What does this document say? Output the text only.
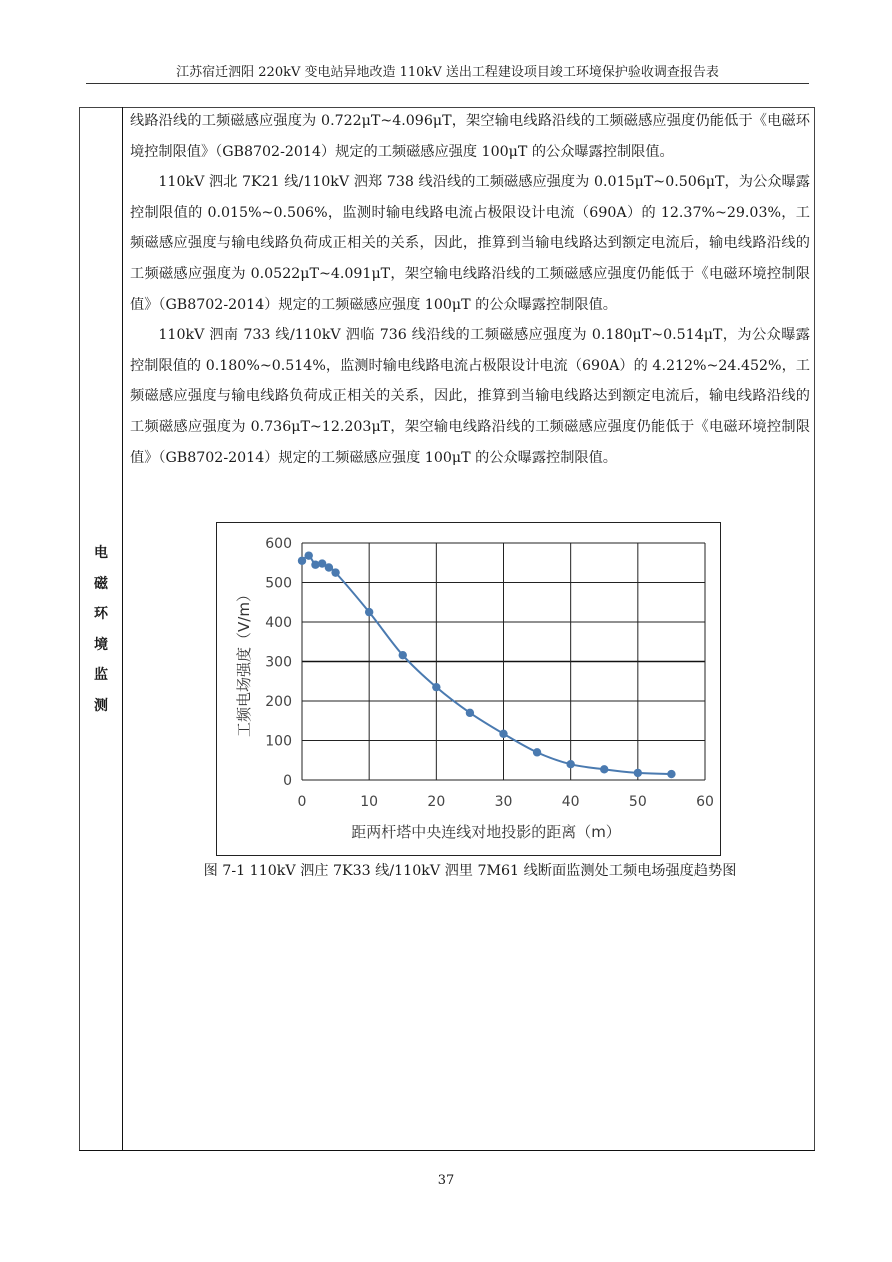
江苏宿迁泗阳 220kV 变电站异地改造 110kV 送出工程建设项目竣工环境保护验收调查报告表
电
磁
环
境
监
测

线路沿线的工频磁感应强度为 0.722μT~4.096μT，架空输电线路沿线的工频磁感应强度仍能低于《电磁环境控制限值》（GB8702-2014）规定的工频磁感应强度 100μT 的公众曝露控制限值。

110kV 泗北 7K21 线/110kV 泗郑 738 线沿线的工频磁感应强度为 0.015μT~0.506μT，为公众曝露控制限值的 0.015%~0.506%，监测时输电线路电流占极限设计电流（690A）的 12.37%~29.03%，工频磁感应强度与输电线路负荷成正相关的关系，因此，推算到当输电线路达到额定电流后，输电线路沿线的工频磁感应强度为 0.0522μT~4.091μT，架空输电线路沿线的工频磁感应强度仍能低于《电磁环境控制限值》（GB8702-2014）规定的工频磁感应强度 100μT 的公众曝露控制限值。

110kV 泗南 733 线/110kV 泗临 736 线沿线的工频磁感应强度为 0.180μT~0.514μT，为公众曝露控制限值的 0.180%~0.514%，监测时输电线路电流占极限设计电流（690A）的 4.212%~24.452%，工频磁感应强度与输电线路负荷成正相关的关系，因此，推算到当输电线路达到额定电流后，输电线路沿线的工频磁感应强度为 0.736μT~12.203μT，架空输电线路沿线的工频磁感应强度仍能低于《电磁环境控制限值》（GB8702-2014）规定的工频磁感应强度 100μT 的公众曝露控制限值。

0
100
200
300
400
500
600
0	10	20	30	40	50	60
距两杆塔中央连线对地投影的距离（m）
工频电场强度（V/m）
图 7-1 110kV 泗庄 7K33 线/110kV 泗里 7M61 线断面监测处工频电场强度趋势图
37
